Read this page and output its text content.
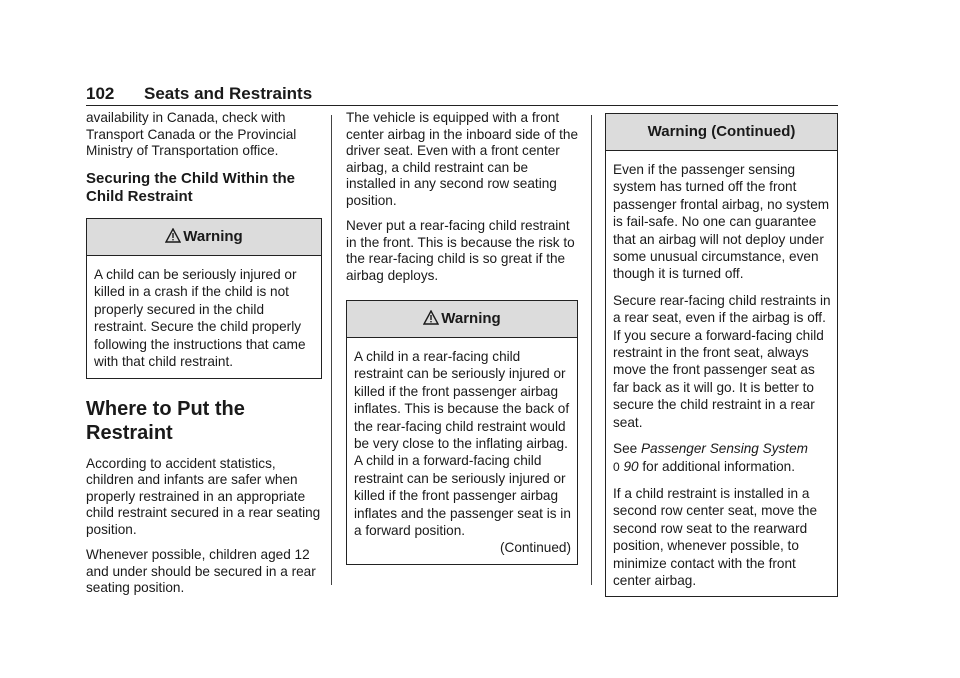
102 Seats and Restraints

availability in Canada, check with Transport Canada or the Provincial Ministry of Transportation office.

Securing the Child Within the Child Restraint
Warning

A child can be seriously injured or killed in a crash if the child is not properly secured in the child restraint. Secure the child properly following the instructions that came with that child restraint.

Where to Put the Restraint

According to accident statistics, children and infants are safer when properly restrained in an appropriate child restraint secured in a rear seating position.

Whenever possible, children aged 12 and under should be secured in a rear seating position.

The vehicle is equipped with a front center airbag in the inboard side of the driver seat. Even with a front center airbag, a child restraint can be installed in any second row seating position.

Never put a rear-facing child restraint in the front. This is because the risk to the rear-facing child is so great if the airbag deploys.

Warning

A child in a rear-facing child restraint can be seriously injured or killed if the front passenger airbag inflates. This is because the back of the rear-facing child restraint would be very close to the inflating airbag. A child in a forward-facing child restraint can be seriously injured or killed if the front passenger airbag inflates and the passenger seat is in a forward position.

(Continued)
Warning (Continued)

Even if the passenger sensing system has turned off the front passenger frontal airbag, no system is fail-safe. No one can guarantee that an airbag will not deploy under some unusual circumstance, even though it is turned off.

Secure rear-facing child restraints in a rear seat, even if the airbag is off. If you secure a forward-facing child restraint in the front seat, always move the front passenger seat as far back as it will go. It is better to secure the child restraint in a rear seat.

See Passenger Sensing System
0 90 for additional information.

If a child restraint is installed in a second row center seat, move the second row seat to the rearward position, whenever possible, to minimize contact with the front center airbag.
